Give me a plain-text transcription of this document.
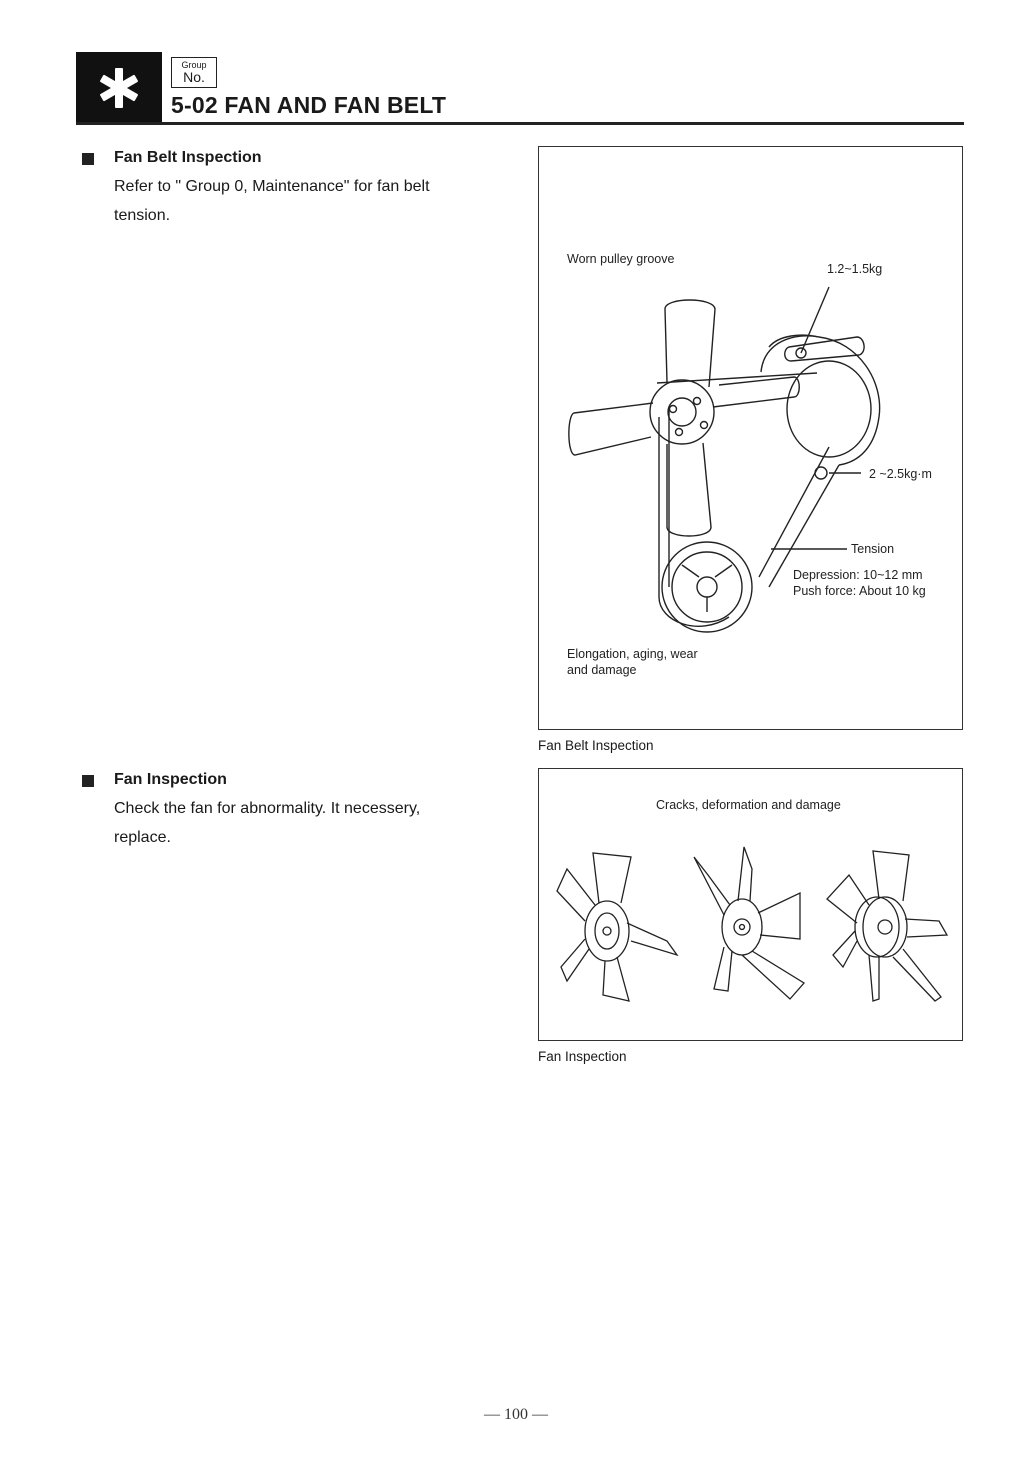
Group
No.
5-02 FAN AND FAN BELT
Fan Belt Inspection
Refer to " Group 0, Maintenance" for fan belt
tension.
Fan Inspection
Check the fan for abnormality. It necessery,
replace.
Worn pulley groove
1.2~1.5kg
2 ~2.5kg·m
Tension
Depression: 10~12 mm
Push force: About 10 kg
Elongation, aging, wear
and damage
Fan Belt Inspection
Cracks, deformation and damage
Fan Inspection
— 100 —
